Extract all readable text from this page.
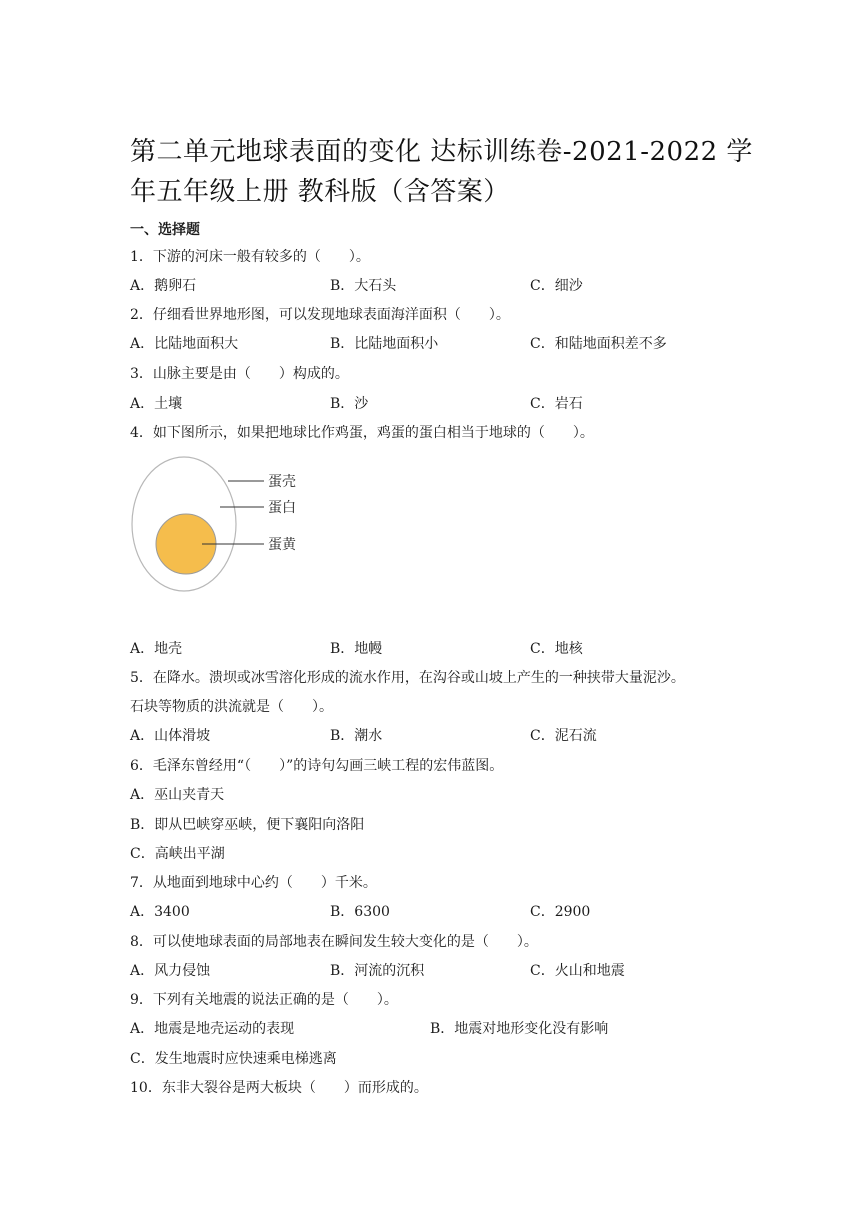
第二单元地球表面的变化 达标训练卷-2021-2022 学
年五年级上册 教科版（含答案）
一、选择题
1．下游的河床一般有较多的（　　）。
A．鹅卵石	B．大石头	C．细沙
2．仔细看世界地形图，可以发现地球表面海洋面积（　　）。
A．比陆地面积大	B．比陆地面积小	C．和陆地面积差不多
3．山脉主要是由（　　）构成的。
A．土壤	B．沙	C．岩石
4．如下图所示，如果把地球比作鸡蛋，鸡蛋的蛋白相当于地球的（　　）。
蛋壳
蛋白
蛋黄
A．地壳	B．地幔	C．地核
5．在降水。溃坝或冰雪溶化形成的流水作用，在沟谷或山坡上产生的一种挟带大量泥沙。
石块等物质的洪流就是（　　）。
A．山体滑坡	B．潮水	C．泥石流
6．毛泽东曾经用“（　　）”的诗句勾画三峡工程的宏伟蓝图。
A．巫山夹青天
B．即从巴峡穿巫峡，便下襄阳向洛阳
C．高峡出平湖
7．从地面到地球中心约（　　）千米。
A．3400	B．6300	C．2900
8．可以使地球表面的局部地表在瞬间发生较大变化的是（　　）。
A．风力侵蚀	B．河流的沉积	C．火山和地震
9．下列有关地震的说法正确的是（　　）。
A．地震是地壳运动的表现	B．地震对地形变化没有影响
C．发生地震时应快速乘电梯逃离
10．东非大裂谷是两大板块（　　）而形成的。
